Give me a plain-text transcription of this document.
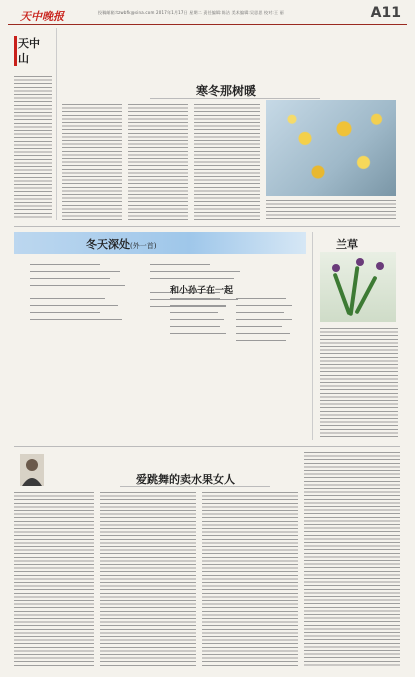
天中晚报	投稿邮箱:tzwbfk@sina.com 2017年1月17日 星期二 责任编辑:陈洁 美术编辑:吴思思 校对:王 丽	A11
天中
山
寒冬那树暖
冬天深处(外一首)
和小孙子在一起
兰草
爱跳舞的卖水果女人
